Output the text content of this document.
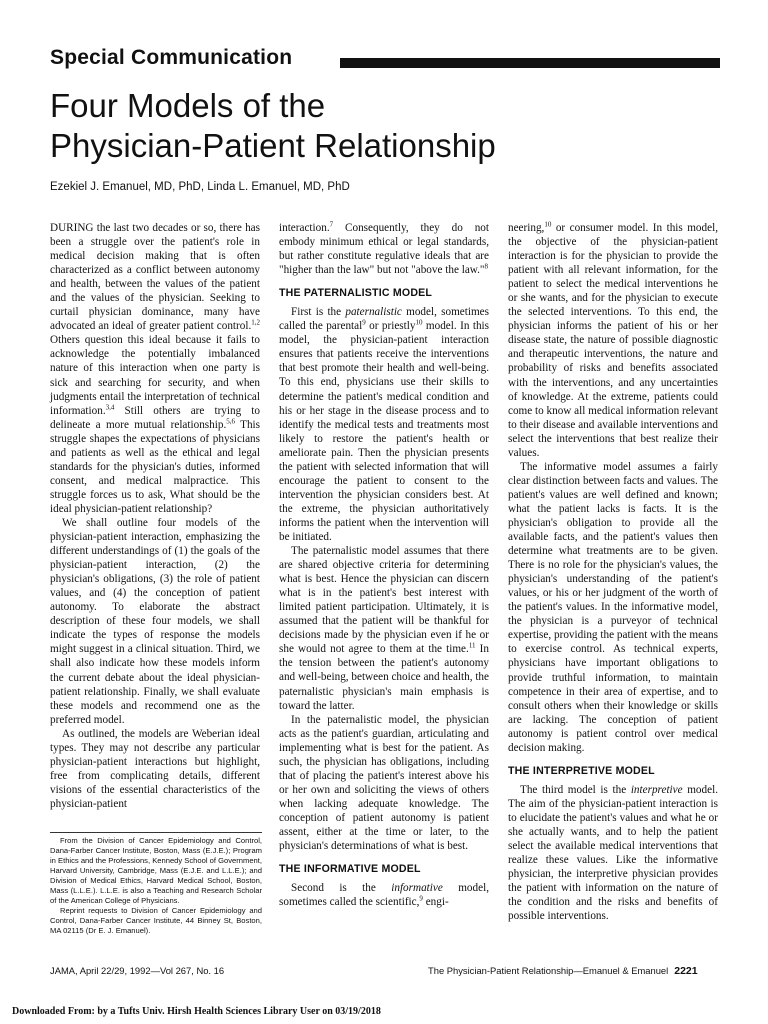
Special Communication
Four Models of the
Physician-Patient Relationship
Ezekiel J. Emanuel, MD, PhD, Linda L. Emanuel, MD, PhD

DURING the last two decades or so, there has been a struggle over the patient's role in medical decision making that is often characterized as a conflict between autonomy and health, between the values of the patient and the values of the physician. Seeking to curtail physician dominance, many have advocated an ideal of greater patient control.$^{1,2}$ Others question this ideal because it fails to acknowledge the potentially imbalanced nature of this interaction when one party is sick and searching for security, and when judgments entail the interpretation of technical information.$^{3,4}$ Still others are trying to delineate a more mutual relationship.$^{5,6}$ This struggle shapes the expectations of physicians and patients as well as the ethical and legal standards for the physician's duties, informed consent, and medical malpractice. This struggle forces us to ask, What should be the ideal physician-patient relationship?

We shall outline four models of the physician-patient interaction, emphasizing the different understandings of (1) the goals of the physician-patient interaction, (2) the physician's obligations, (3) the role of patient values, and (4) the conception of patient autonomy. To elaborate the abstract description of these four models, we shall indicate the types of response the models might suggest in a clinical situation. Third, we shall also indicate how these models inform the current debate about the ideal physician-patient relationship. Finally, we shall evaluate these models and recommend one as the preferred model.

As outlined, the models are Weberian ideal types. They may not describe any particular physician-patient interactions but highlight, free from complicating details, different visions of the essential characteristics of the physician-patient

From the Division of Cancer Epidemiology and Control, Dana-Farber Cancer Institute, Boston, Mass (E.J.E.); Program in Ethics and the Professions, Kennedy School of Government, Harvard University, Cambridge, Mass (E.J.E. and L.L.E.); and Division of Medical Ethics, Harvard Medical School, Boston, Mass (L.L.E.). L.L.E. is also a Teaching and Research Scholar of the American College of Physicians.

Reprint requests to Division of Cancer Epidemiology and Control, Dana-Farber Cancer Institute, 44 Binney St, Boston, MA 02115 (Dr E. J. Emanuel).

interaction.$^7$ Consequently, they do not embody minimum ethical or legal standards, but rather constitute regulative ideals that are "higher than the law" but not "above the law."$^8$

THE PATERNALISTIC MODEL

First is the paternalistic model, sometimes called the parental$^9$ or priestly$^{10}$ model. In this model, the physician-patient interaction ensures that patients receive the interventions that best promote their health and well-being. To this end, physicians use their skills to determine the patient's medical condition and his or her stage in the disease process and to identify the medical tests and treatments most likely to restore the patient's health or ameliorate pain. Then the physician presents the patient with selected information that will encourage the patient to consent to the intervention the physician considers best. At the extreme, the physician authoritatively informs the patient when the intervention will be initiated.

The paternalistic model assumes that there are shared objective criteria for determining what is best. Hence the physician can discern what is in the patient's best interest with limited patient participation. Ultimately, it is assumed that the patient will be thankful for decisions made by the physician even if he or she would not agree to them at the time.$^{11}$ In the tension between the patient's autonomy and well-being, between choice and health, the paternalistic physician's main emphasis is toward the latter.

In the paternalistic model, the physician acts as the patient's guardian, articulating and implementing what is best for the patient. As such, the physician has obligations, including that of placing the patient's interest above his or her own and soliciting the views of others when lacking adequate knowledge. The conception of patient autonomy is patient assent, either at the time or later, to the physician's determinations of what is best.

THE INFORMATIVE MODEL

Second is the informative model, sometimes called the scientific,$^9$ engi-

neering,$^{10}$ or consumer model. In this model, the objective of the physician-patient interaction is for the physician to provide the patient with all relevant information, for the patient to select the medical interventions he or she wants, and for the physician to execute the selected interventions. To this end, the physician informs the patient of his or her disease state, the nature of possible diagnostic and therapeutic interventions, the nature and probability of risks and benefits associated with the interventions, and any uncertainties of knowledge. At the extreme, patients could come to know all medical information relevant to their disease and available interventions and select the interventions that best realize their values.

The informative model assumes a fairly clear distinction between facts and values. The patient's values are well defined and known; what the patient lacks is facts. It is the physician's obligation to provide all the available facts, and the patient's values then determine what treatments are to be given. There is no role for the physician's values, the physician's understanding of the patient's values, or his or her judgment of the worth of the patient's values. In the informative model, the physician is a purveyor of technical expertise, providing the patient with the means to exercise control. As technical experts, physicians have important obligations to provide truthful information, to maintain competence in their area of expertise, and to consult others when their knowledge or skills are lacking. The conception of patient autonomy is patient control over medical decision making.

THE INTERPRETIVE MODEL

The third model is the interpretive model. The aim of the physician-patient interaction is to elucidate the patient's values and what he or she actually wants, and to help the patient select the available medical interventions that realize these values. Like the informative physician, the interpretive physician provides the patient with information on the nature of the condition and the risks and benefits of possible interventions.

JAMA, April 22/29, 1992—Vol 267, No. 16	The Physician-Patient Relationship—Emanuel & Emanuel 2221
Downloaded From: by a Tufts Univ. Hirsh Health Sciences Library User on 03/19/2018
